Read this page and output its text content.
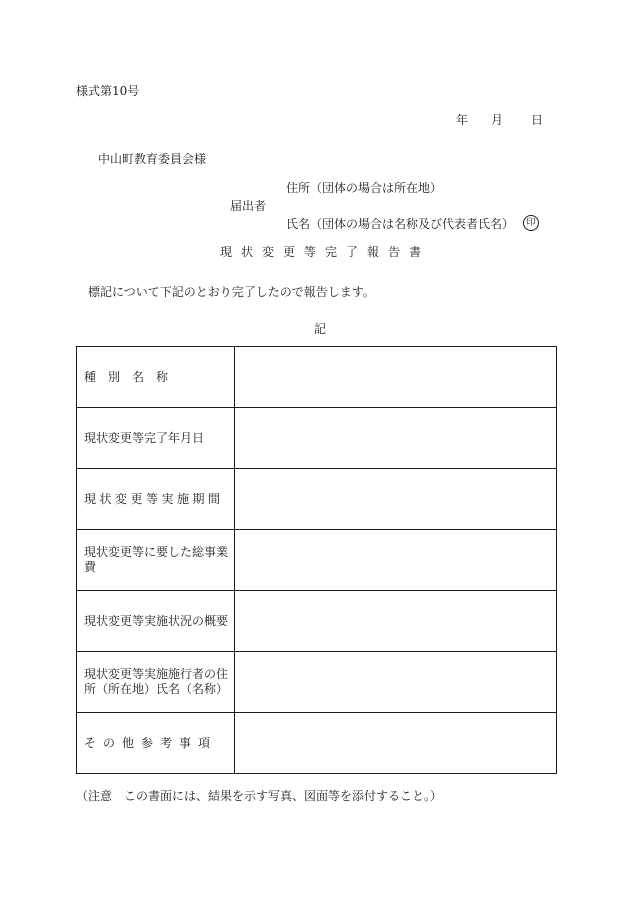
様式第10号
年 月 日
中山町教育委員会様
住所（団体の場合は所在地）
届出者
氏名（団体の場合は名称及び代表者氏名）	印
現状変更等完了報告書
標記について下記のとおり完了したので報告します。
記
種　別　名　称	

現状変更等完了年月日	
現状変更等実施期間	
現状変更等に要した総事業費	
現状変更等実施状況の概要	
現状変更等実施施行者の住所（所在地）氏名（名称）	
その他参考事項	
（注意　この書面には、結果を示す写真、図面等を添付すること。）
